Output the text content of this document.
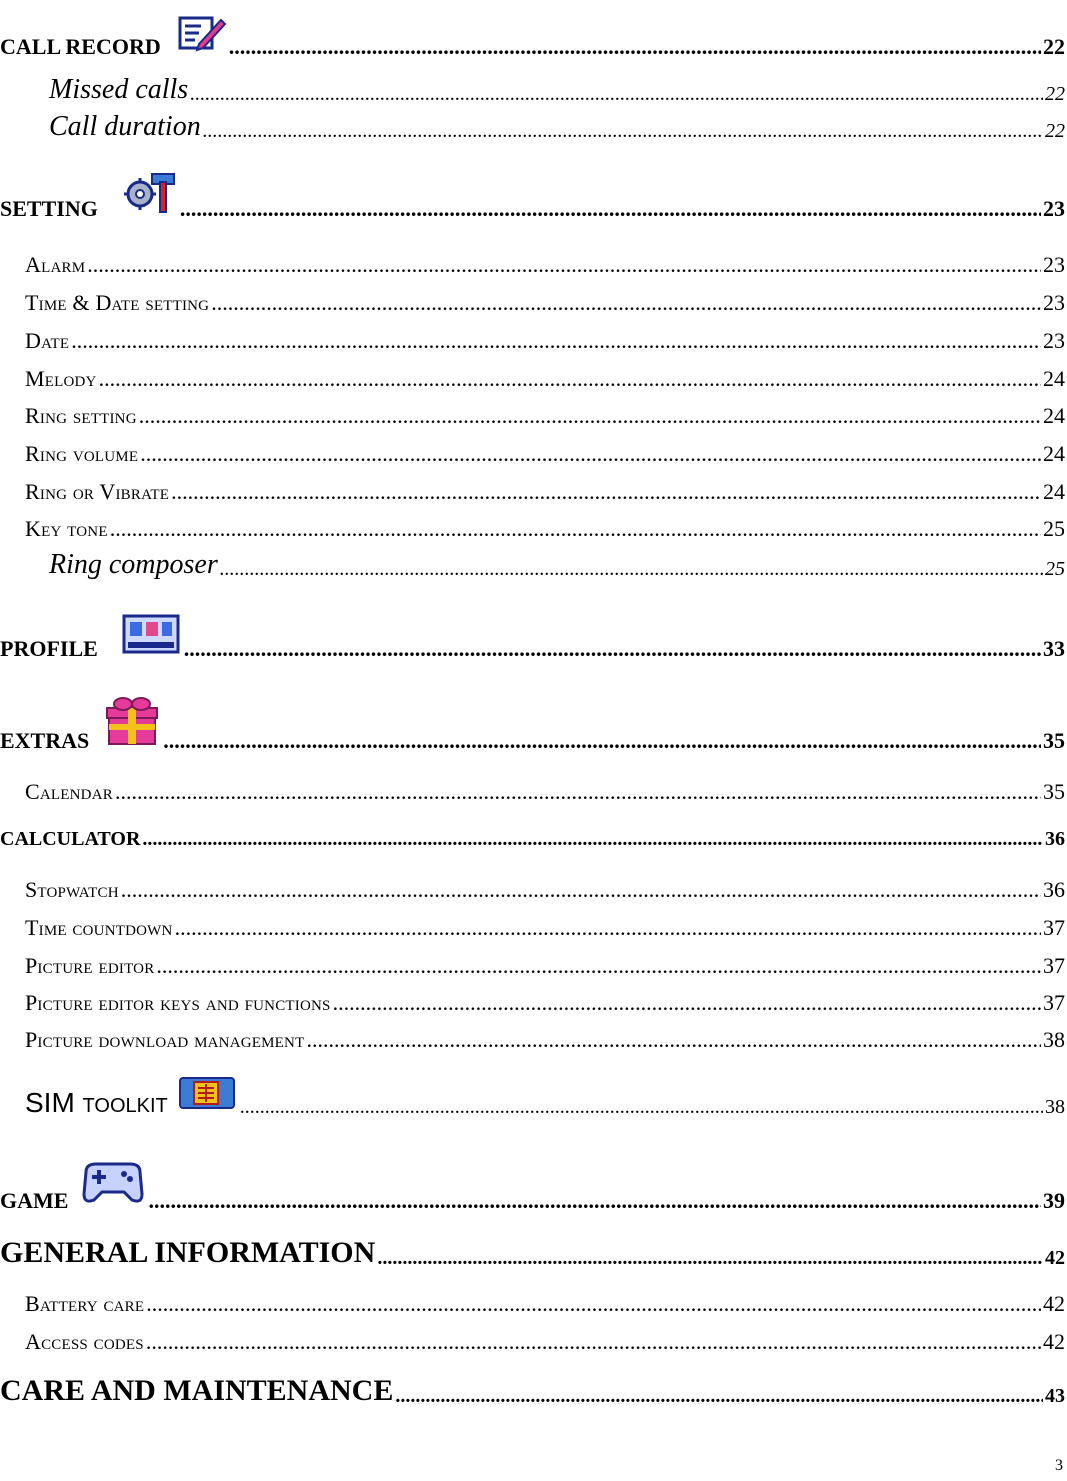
CALL RECORD .....	22
Missed calls .....	22
Call duration .....	22
SETTING .....	23
Alarm .....	23
Time & Date setting .....	23
Date .....	23
Melody .....	24
Ring setting .....	24
Ring volume .....	24
Ring or Vibrate .....	24
Key tone .....	25
Ring composer .....	25
PROFILE .....	33
EXTRAS .....	35
Calendar .....	35
CALCULATOR .....	36
Stopwatch .....	36
Time countdown .....	37
Picture editor .....	37
Picture editor keys and functions .....	37
Picture download management .....	38
SIM toolkit .....	38
GAME .....	39
GENERAL INFORMATION .....	42
Battery care .....	42
Access codes .....	42
CARE AND MAINTENANCE .....	43
3
